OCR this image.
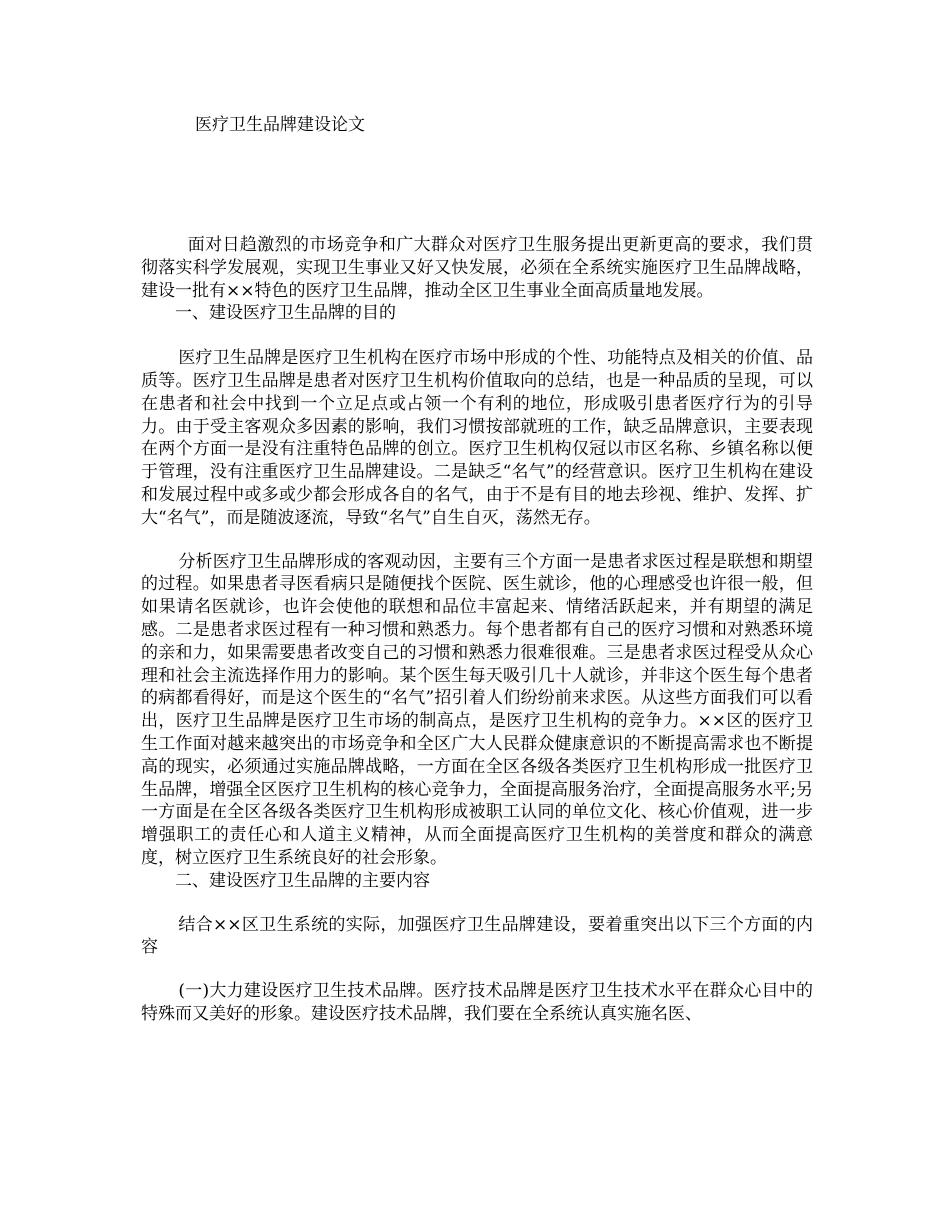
医疗卫生品牌建设论文

面对日趋激烈的市场竞争和广大群众对医疗卫生服务提出更新更高的要求，我们贯彻落实科学发展观，实现卫生事业又好又快发展，必须在全系统实施医疗卫生品牌战略，建设一批有××特色的医疗卫生品牌，推动全区卫生事业全面高质量地发展。

一、建设医疗卫生品牌的目的

医疗卫生品牌是医疗卫生机构在医疗市场中形成的个性、功能特点及相关的价值、品质等。医疗卫生品牌是患者对医疗卫生机构价值取向的总结，也是一种品质的呈现，可以在患者和社会中找到一个立足点或占领一个有利的地位，形成吸引患者医疗行为的引导力。由于受主客观众多因素的影响，我们习惯按部就班的工作，缺乏品牌意识，主要表现在两个方面一是没有注重特色品牌的创立。医疗卫生机构仅冠以市区名称、乡镇名称以便于管理，没有注重医疗卫生品牌建设。二是缺乏“名气”的经营意识。医疗卫生机构在建设和发展过程中或多或少都会形成各自的名气，由于不是有目的地去珍视、维护、发挥、扩大“名气”，而是随波逐流，导致“名气”自生自灭，荡然无存。

分析医疗卫生品牌形成的客观动因，主要有三个方面一是患者求医过程是联想和期望的过程。如果患者寻医看病只是随便找个医院、医生就诊，他的心理感受也许很一般，但如果请名医就诊，也许会使他的联想和品位丰富起来、情绪活跃起来，并有期望的满足感。二是患者求医过程有一种习惯和熟悉力。每个患者都有自己的医疗习惯和对熟悉环境的亲和力，如果需要患者改变自己的习惯和熟悉力很难很难。三是患者求医过程受从众心理和社会主流选择作用力的影响。某个医生每天吸引几十人就诊，并非这个医生每个患者的病都看得好，而是这个医生的“名气”招引着人们纷纷前来求医。从这些方面我们可以看出，医疗卫生品牌是医疗卫生市场的制高点，是医疗卫生机构的竞争力。××区的医疗卫生工作面对越来越突出的市场竞争和全区广大人民群众健康意识的不断提高需求也不断提高的现实，必须通过实施品牌战略，一方面在全区各级各类医疗卫生机构形成一批医疗卫生品牌，增强全区医疗卫生机构的核心竞争力，全面提高服务治疗，全面提高服务水平;另一方面是在全区各级各类医疗卫生机构形成被职工认同的单位文化、核心价值观，进一步增强职工的责任心和人道主义精神，从而全面提高医疗卫生机构的美誉度和群众的满意度，树立医疗卫生系统良好的社会形象。

二、建设医疗卫生品牌的主要内容

结合××区卫生系统的实际，加强医疗卫生品牌建设，要着重突出以下三个方面的内容

(一)大力建设医疗卫生技术品牌。医疗技术品牌是医疗卫生技术水平在群众心目中的特殊而又美好的形象。建设医疗技术品牌，我们要在全系统认真实施名医、
